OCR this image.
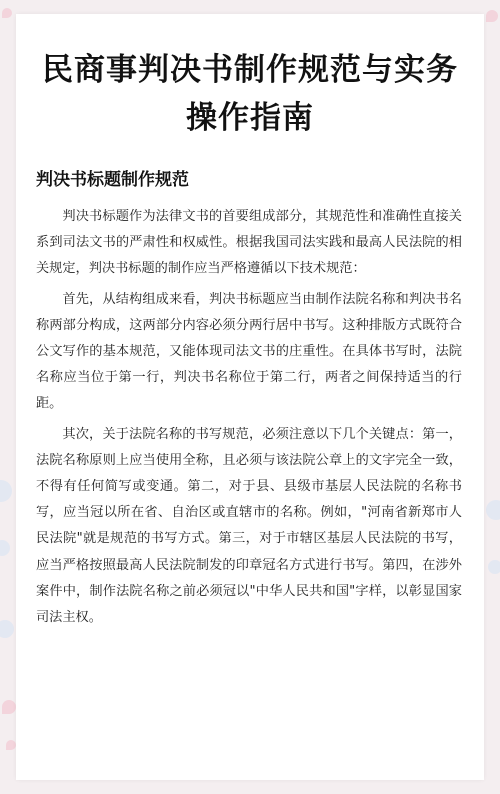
民商事判决书制作规范与实务
操作指南
判决书标题制作规范

判决书标题作为法律文书的首要组成部分，其规范性和准确性直接关系到司法文书的严肃性和权威性。根据我国司法实践和最高人民法院的相关规定，判决书标题的制作应当严格遵循以下技术规范：

首先，从结构组成来看，判决书标题应当由制作法院名称和判决书名称两部分构成，这两部分内容必须分两行居中书写。这种排版方式既符合公文写作的基本规范，又能体现司法文书的庄重性。在具体书写时，法院名称应当位于第一行，判决书名称位于第二行，两者之间保持适当的行距。

其次，关于法院名称的书写规范，必须注意以下几个关键点：第一，法院名称原则上应当使用全称，且必须与该法院公章上的文字完全一致，不得有任何简写或变通。第二，对于县、县级市基层人民法院的名称书写，应当冠以所在省、自治区或直辖市的名称。例如，"河南省新郑市人民法院"就是规范的书写方式。第三，对于市辖区基层人民法院的书写，应当严格按照最高人民法院制发的印章冠名方式进行书写。第四，在涉外案件中，制作法院名称之前必须冠以"中华人民共和国"字样，以彰显国家司法主权。
